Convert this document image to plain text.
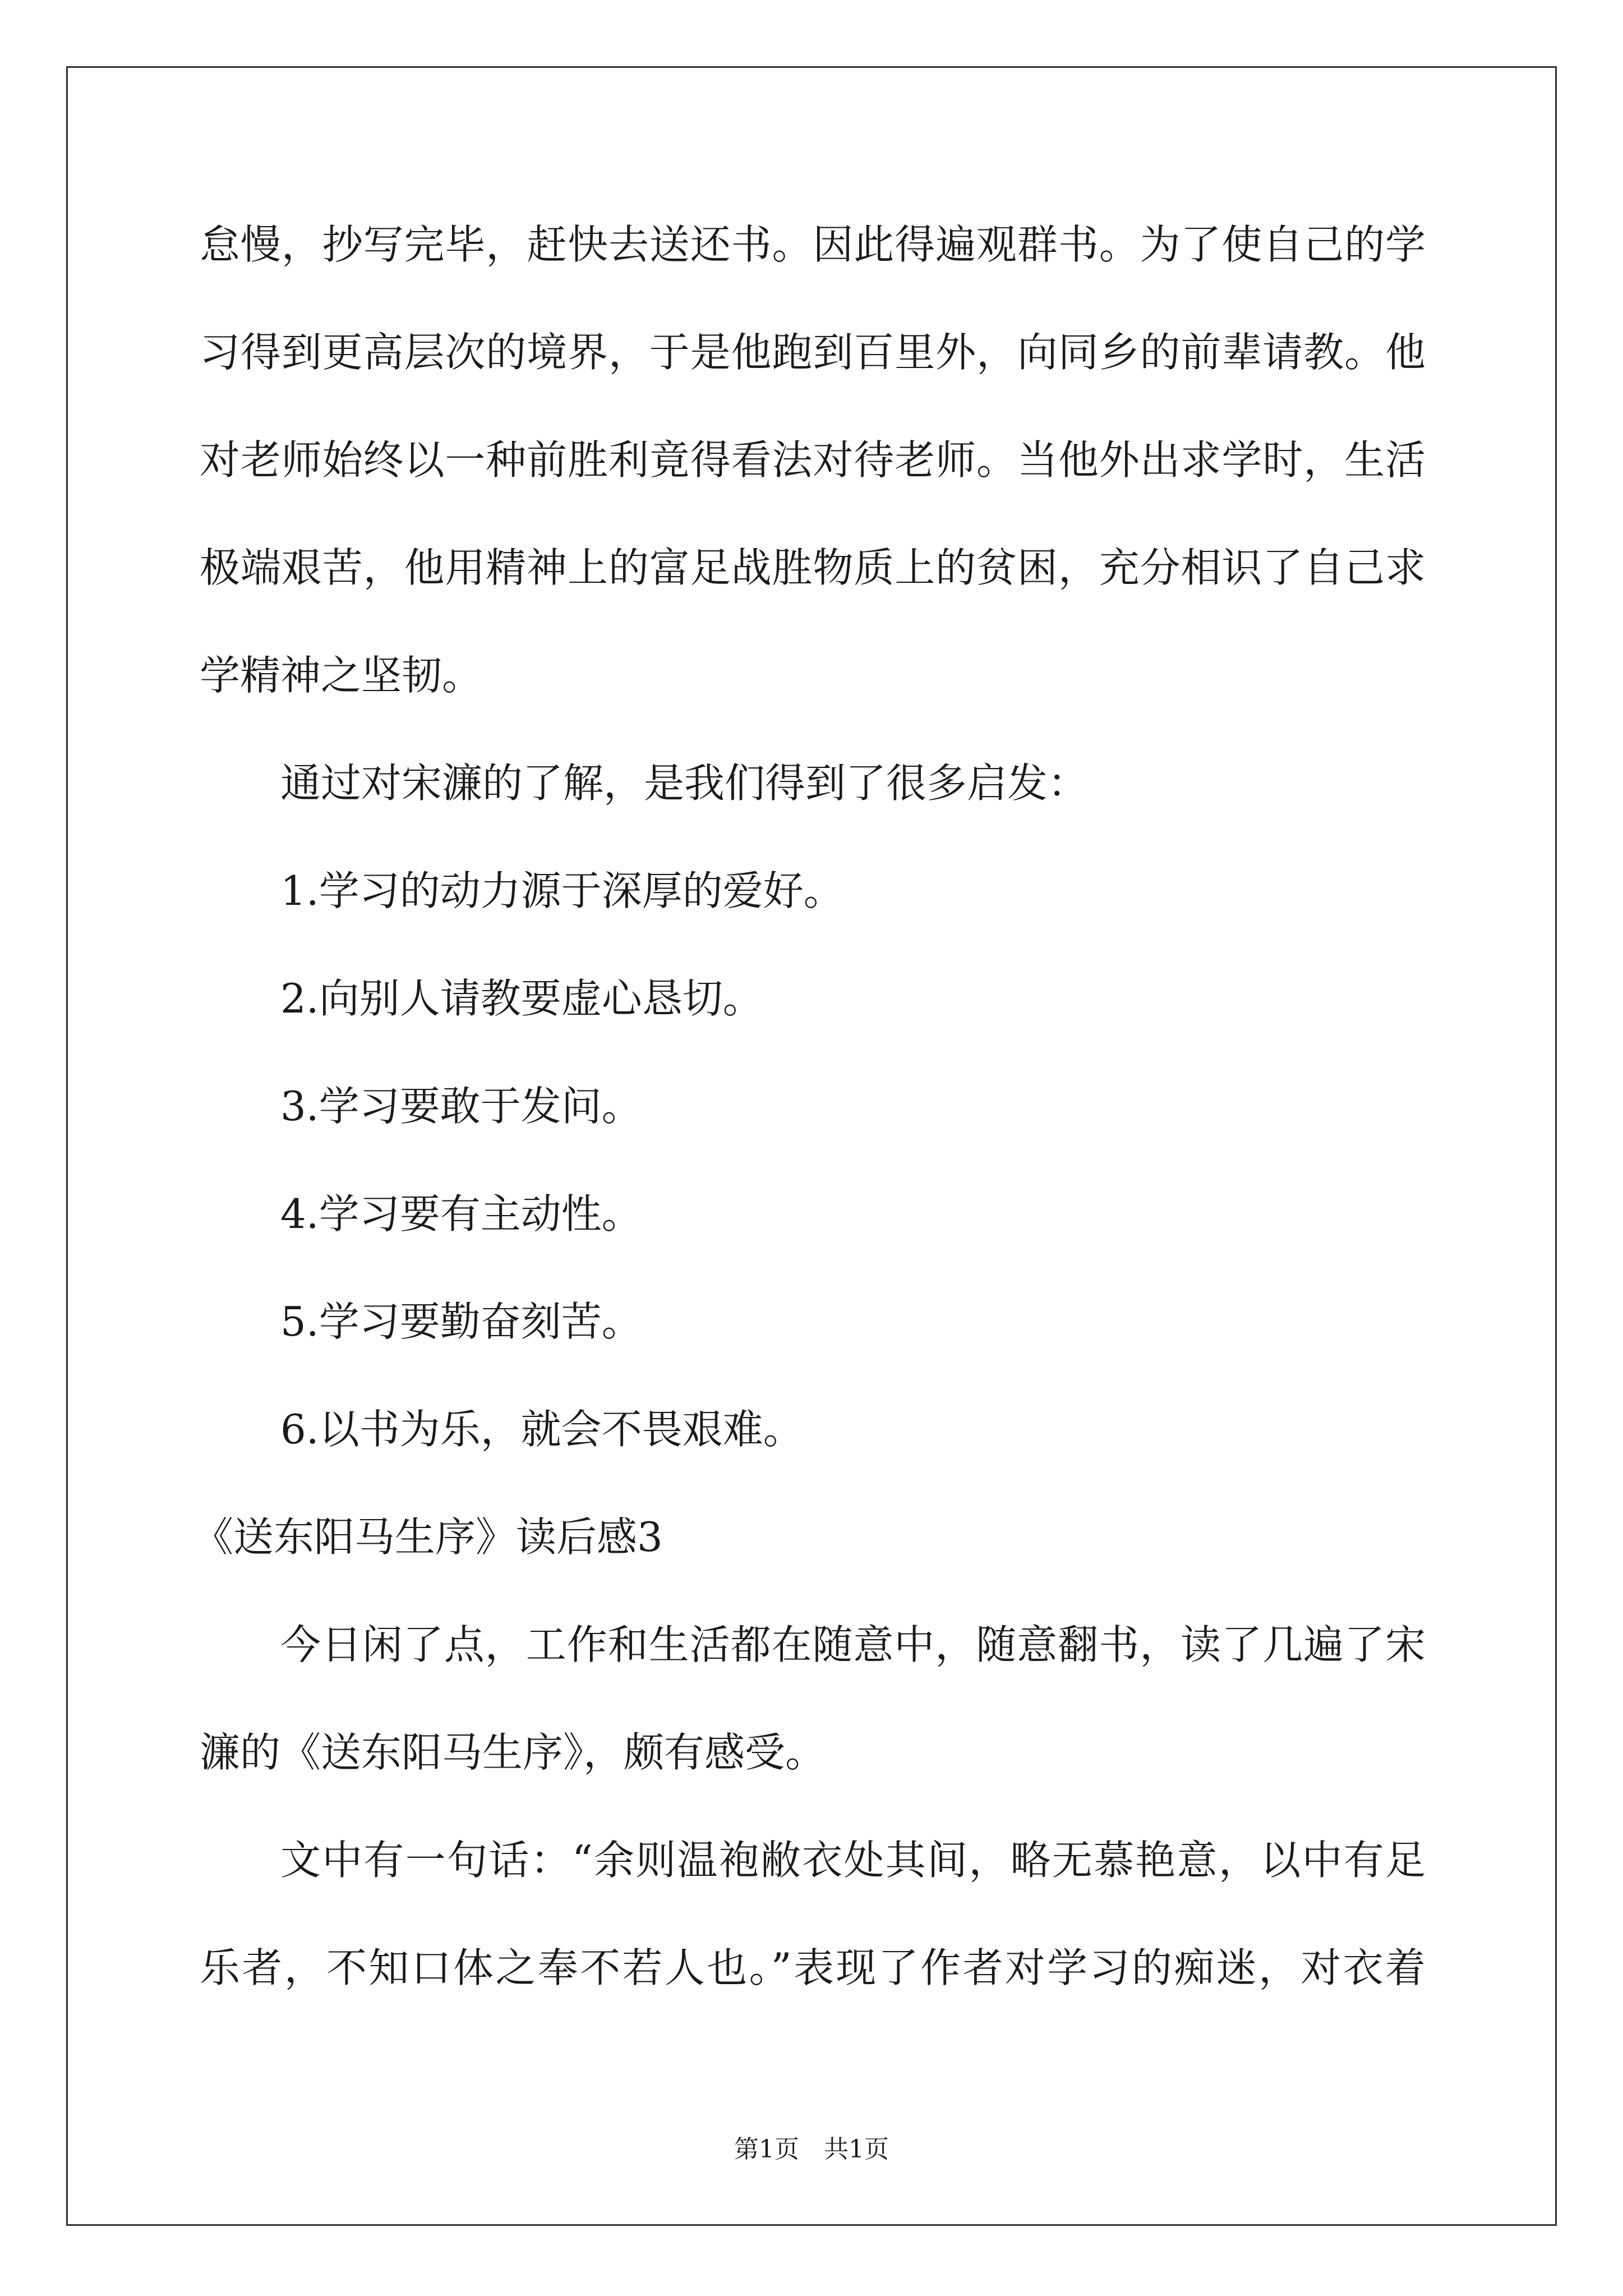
怠慢，抄写完毕，赶快去送还书。因此得遍观群书。为了使自己的学
习得到更高层次的境界，于是他跑到百里外，向同乡的前辈请教。他
对老师始终以一种前胜利竟得看法对待老师。当他外出求学时，生活
极端艰苦，他用精神上的富足战胜物质上的贫困，充分相识了自己求
学精神之坚韧。
通过对宋濂的了解，是我们得到了很多启发：
1.学习的动力源于深厚的爱好。
2.向别人请教要虚心恳切。
3.学习要敢于发问。
4.学习要有主动性。
5.学习要勤奋刻苦。
6.以书为乐，就会不畏艰难。
《送东阳马生序》读后感3
今日闲了点，工作和生活都在随意中，随意翻书，读了几遍了宋
濂的《送东阳马生序》，颇有感受。
文中有一句话：“余则温袍敝衣处其间，略无慕艳意，以中有足
乐者，不知口体之奉不若人也。”表现了作者对学习的痴迷，对衣着
第1页　共1页
